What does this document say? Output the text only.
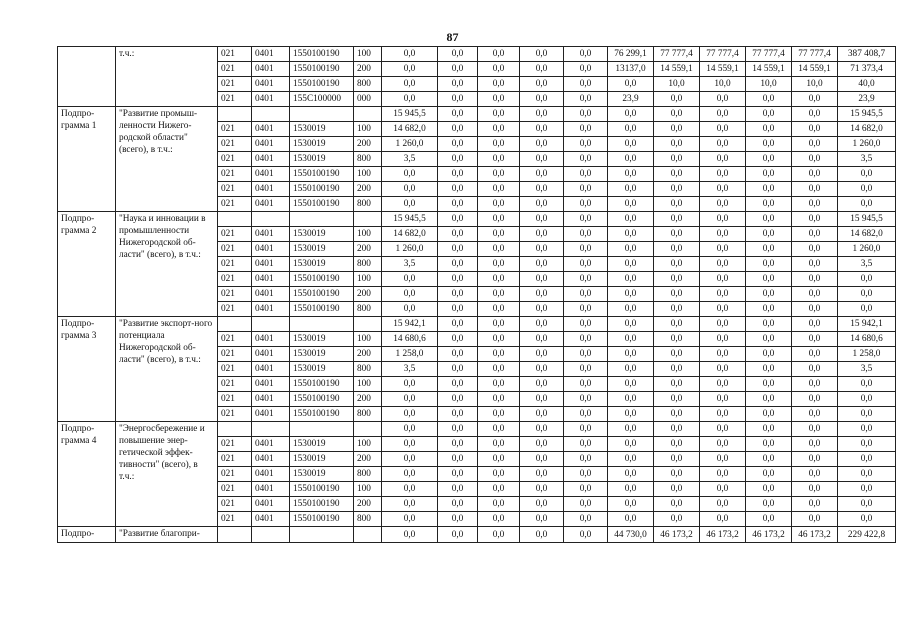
87
	т.ч.:	021	0401	1550100190	100	0,0	0,0	0,0	0,0	0,0	76 299,1	77 777,4	77 777,4	77 777,4	77 777,4	387 408,7
		021	0401	1550100190	200	0,0	0,0	0,0	0,0	0,0	13137,0	14 559,1	14 559,1	14 559,1	14 559,1	71 373,4
		021	0401	1550100190	800	0,0	0,0	0,0	0,0	0,0	0,0	10,0	10,0	10,0	10,0	40,0
		021	0401	155С100000	000	0,0	0,0	0,0	0,0	0,0	23,9	0,0	0,0	0,0	0,0	23,9
Подпро-грамма 1	"Развитие промыш-ленности Нижего-родской области" (всего), в т.ч.:					15 945,5	0,0	0,0	0,0	0,0	0,0	0,0	0,0	0,0	0,0	15 945,5
		021	0401	1530019	100	14 682,0	0,0	0,0	0,0	0,0	0,0	0,0	0,0	0,0	0,0	14 682,0
		021	0401	1530019	200	1 260,0	0,0	0,0	0,0	0,0	0,0	0,0	0,0	0,0	0,0	1 260,0
		021	0401	1530019	800	3,5	0,0	0,0	0,0	0,0	0,0	0,0	0,0	0,0	0,0	3,5
		021	0401	1550100190	100	0,0	0,0	0,0	0,0	0,0	0,0	0,0	0,0	0,0	0,0	0,0
		021	0401	1550100190	200	0,0	0,0	0,0	0,0	0,0	0,0	0,0	0,0	0,0	0,0	0,0
		021	0401	1550100190	800	0,0	0,0	0,0	0,0	0,0	0,0	0,0	0,0	0,0	0,0	0,0
Подпро-грамма 2	"Наука и инновации в промышленности Нижегородской об-ласти" (всего), в т.ч.:					15 945,5	0,0	0,0	0,0	0,0	0,0	0,0	0,0	0,0	0,0	15 945,5
		021	0401	1530019	100	14 682,0	0,0	0,0	0,0	0,0	0,0	0,0	0,0	0,0	0,0	14 682,0
		021	0401	1530019	200	1 260,0	0,0	0,0	0,0	0,0	0,0	0,0	0,0	0,0	0,0	1 260,0
		021	0401	1530019	800	3,5	0,0	0,0	0,0	0,0	0,0	0,0	0,0	0,0	0,0	3,5
		021	0401	1550100190	100	0,0	0,0	0,0	0,0	0,0	0,0	0,0	0,0	0,0	0,0	0,0
		021	0401	1550100190	200	0,0	0,0	0,0	0,0	0,0	0,0	0,0	0,0	0,0	0,0	0,0
		021	0401	1550100190	800	0,0	0,0	0,0	0,0	0,0	0,0	0,0	0,0	0,0	0,0	0,0
Подпро-грамма 3	"Развитие экспорт-ного потенциала Нижегородской об-ласти" (всего), в т.ч.:					15 942,1	0,0	0,0	0,0	0,0	0,0	0,0	0,0	0,0	0,0	15 942,1
		021	0401	1530019	100	14 680,6	0,0	0,0	0,0	0,0	0,0	0,0	0,0	0,0	0,0	14 680,6
		021	0401	1530019	200	1 258,0	0,0	0,0	0,0	0,0	0,0	0,0	0,0	0,0	0,0	1 258,0
		021	0401	1530019	800	3,5	0,0	0,0	0,0	0,0	0,0	0,0	0,0	0,0	0,0	3,5
		021	0401	1550100190	100	0,0	0,0	0,0	0,0	0,0	0,0	0,0	0,0	0,0	0,0	0,0
		021	0401	1550100190	200	0,0	0,0	0,0	0,0	0,0	0,0	0,0	0,0	0,0	0,0	0,0
		021	0401	1550100190	800	0,0	0,0	0,0	0,0	0,0	0,0	0,0	0,0	0,0	0,0	0,0
Подпро-грамма 4	"Энергосбережение и повышение энер-гетической эффек-тивности" (всего), в т.ч.:					0,0	0,0	0,0	0,0	0,0	0,0	0,0	0,0	0,0	0,0	0,0
		021	0401	1530019	100	0,0	0,0	0,0	0,0	0,0	0,0	0,0	0,0	0,0	0,0	0,0
		021	0401	1530019	200	0,0	0,0	0,0	0,0	0,0	0,0	0,0	0,0	0,0	0,0	0,0
		021	0401	1530019	800	0,0	0,0	0,0	0,0	0,0	0,0	0,0	0,0	0,0	0,0	0,0
		021	0401	1550100190	100	0,0	0,0	0,0	0,0	0,0	0,0	0,0	0,0	0,0	0,0	0,0
		021	0401	1550100190	200	0,0	0,0	0,0	0,0	0,0	0,0	0,0	0,0	0,0	0,0	0,0
		021	0401	1550100190	800	0,0	0,0	0,0	0,0	0,0	0,0	0,0	0,0	0,0	0,0	0,0
Подпро-	"Развитие благопри-					0,0	0,0	0,0	0,0	0,0	44 730,0	46 173,2	46 173,2	46 173,2	46 173,2	229 422,8
